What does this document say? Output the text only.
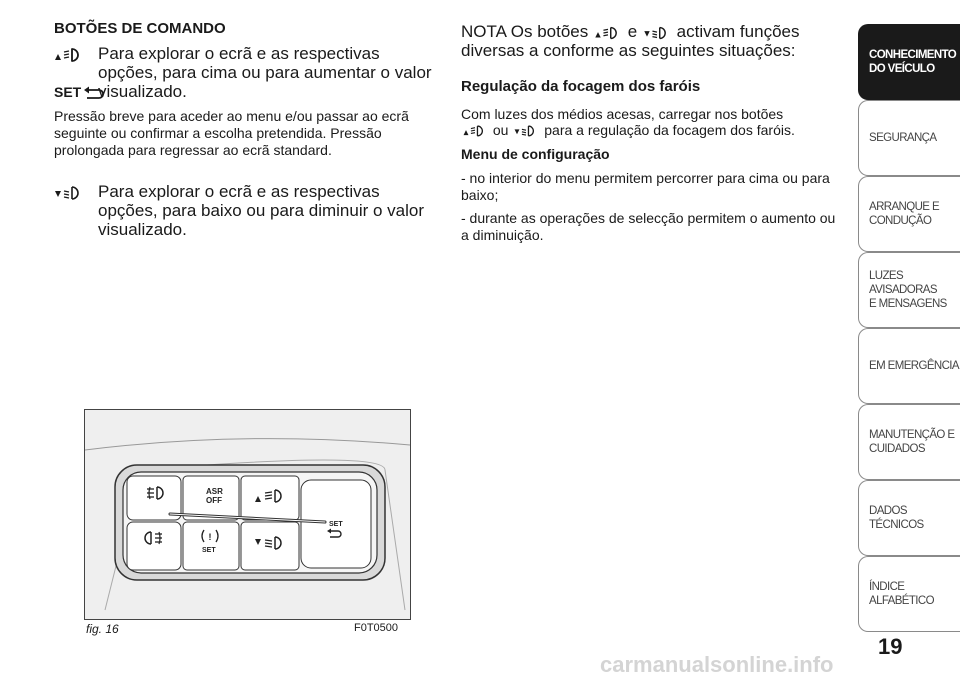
BOTÕES DE COMANDO
Para explorar o ecrã e as respectivas opções, para cima ou para aumentar o valor visualizado.
SET
Pressão breve para aceder ao menu e/ou passar ao ecrã seguinte ou confirmar a escolha pretendida. Pressão prolongada para regressar ao ecrã standard.
Para explorar o ecrã e as respectivas opções, para baixo ou para diminuir o valor visualizado.
NOTA Os botões e activam funções
diversas a conforme as seguintes situações:
Regulação da focagem dos faróis
Com luzes dos médios acesas, carregar nos botões
ou	para a regulação da focagem dos faróis.
Menu de configuração
- no interior do menu permitem percorrer para cima ou para baixo;
- durante as operações de selecção permitem o aumento ou a diminuição.
ASR
OFF
!
SET
SET
fig. 16	F0T0500
CONHECIMENTO
DO VEÍCULO
SEGURANÇA
ARRANQUE E
CONDUÇÃO
LUZES AVISADORAS
E MENSAGENS
EM EMERGÊNCIA
MANUTENÇÃO E
CUIDADOS
DADOS TÉCNICOS
ÍNDICE ALFABÉTICO
19
carmanualsonline.info
